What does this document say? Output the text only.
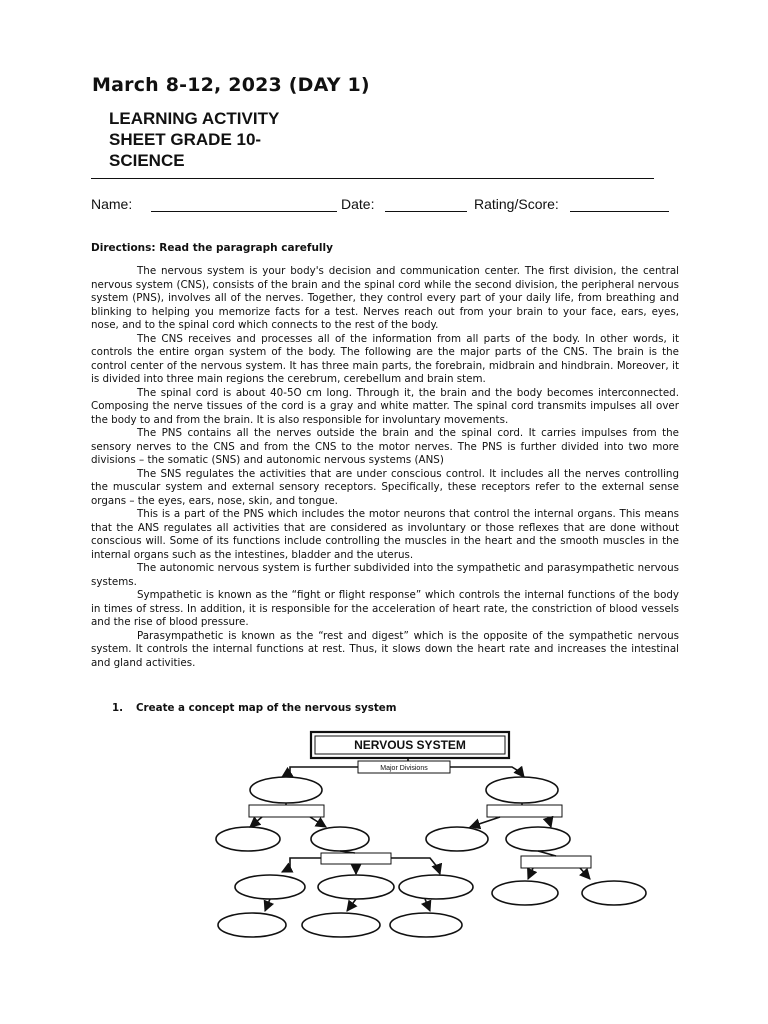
March 8-12, 2023 (DAY 1)
LEARNING ACTIVITY
SHEET GRADE 10-
SCIENCE
Name:	Date:	Rating/Score:
Directions: Read the paragraph carefully

The nervous system is your body's decision and communication center. The first division, the central nervous system (CNS), consists of the brain and the spinal cord while the second division, the peripheral nervous system (PNS), involves all of the nerves. Together, they control every part of your daily life, from breathing and blinking to helping you memorize facts for a test. Nerves reach out from your brain to your face, ears, eyes, nose, and to the spinal cord which connects to the rest of the body.

The CNS receives and processes all of the information from all parts of the body. In other words, it controls the entire organ system of the body. The following are the major parts of the CNS. The brain is the control center of the nervous system. It has three main parts, the forebrain, midbrain and hindbrain. Moreover, it is divided into three main regions the cerebrum, cerebellum and brain stem.

The spinal cord is about 40-5O cm long. Through it, the brain and the body becomes interconnected. Composing the nerve tissues of the cord is a gray and white matter. The spinal cord transmits impulses all over the body to and from the brain. It is also responsible for involuntary movements.

The PNS contains all the nerves outside the brain and the spinal cord. It carries impulses from the sensory nerves to the CNS and from the CNS to the motor nerves. The PNS is further divided into two more divisions – the somatic (SNS) and autonomic nervous systems (ANS)

The SNS regulates the activities that are under conscious control. It includes all the nerves controlling the muscular system and external sensory receptors. Specifically, these receptors refer to the external sense organs – the eyes, ears, nose, skin, and tongue.

This is a part of the PNS which includes the motor neurons that control the internal organs. This means that the ANS regulates all activities that are considered as involuntary or those reflexes that are done without conscious will. Some of its functions include controlling the muscles in the heart and the smooth muscles in the internal organs such as the intestines, bladder and the uterus.

The autonomic nervous system is further subdivided into the sympathetic and parasympathetic nervous systems.

Sympathetic is known as the “fight or flight response” which controls the internal functions of the body in times of stress. In addition, it is responsible for the acceleration of heart rate, the constriction of blood vessels and the rise of blood pressure.

Parasympathetic is known as the “rest and digest” which is the opposite of the sympathetic nervous system. It controls the internal functions at rest. Thus, it slows down the heart rate and increases the intestinal and gland activities.

1. Create a concept map of the nervous system
NERVOUS SYSTEM
Major Divisions
